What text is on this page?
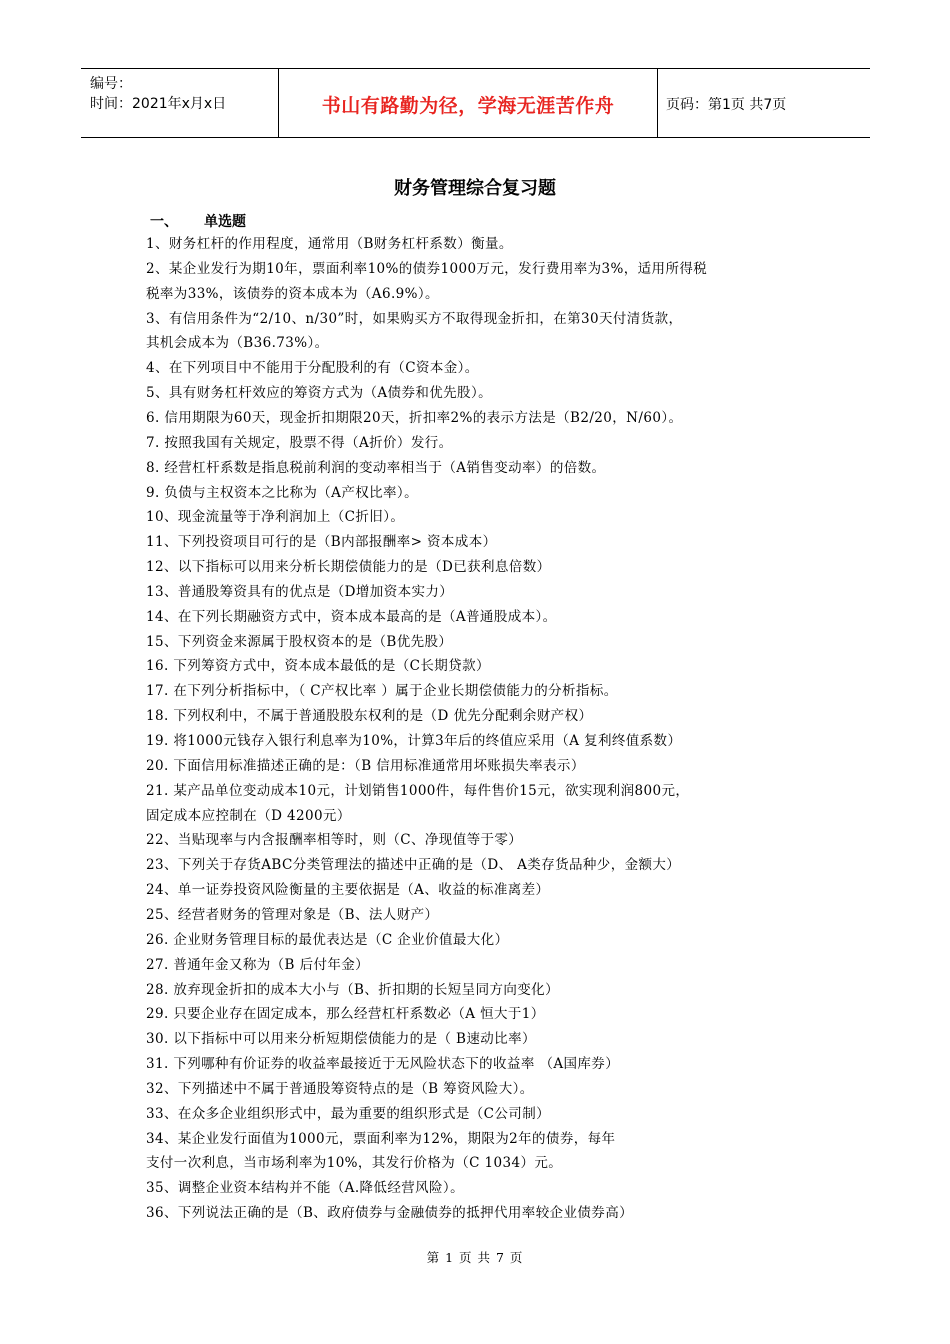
编号：
时间：2021年x月x日	书山有路勤为径，学海无涯苦作舟	页码：第1页 共7页
财务管理综合复习题
一、 单选题
1、财务杠杆的作用程度，通常用（B财务杠杆系数）衡量。
2、某企业发行为期10年，票面利率10%的债券1000万元，发行费用率为3%，适用所得税
税率为33%，该债券的资本成本为（A6.9%）。
3、有信用条件为“2/10、n/30”时，如果购买方不取得现金折扣，在第30天付清货款，
其机会成本为（B36.73%）。
4、在下列项目中不能用于分配股利的有（C资本金）。
5、具有财务杠杆效应的筹资方式为（A债券和优先股）。
6. 信用期限为60天，现金折扣期限20天，折扣率2%的表示方法是（B2/20，N/60）。
7. 按照我国有关规定，股票不得（A折价）发行。
8. 经营杠杆系数是指息税前利润的变动率相当于（A销售变动率）的倍数。
9. 负债与主权资本之比称为（A产权比率）。
10、现金流量等于净利润加上（C折旧）。
11、下列投资项目可行的是（B内部报酬率> 资本成本）
12、以下指标可以用来分析长期偿债能力的是（D已获利息倍数）
13、普通股筹资具有的优点是（D增加资本实力）
14、在下列长期融资方式中，资本成本最高的是（A普通股成本）。
15、下列资金来源属于股权资本的是（B优先股）
16. 下列筹资方式中，资本成本最低的是（C长期贷款）
17. 在下列分析指标中，（ C产权比率 ）属于企业长期偿债能力的分析指标。
18. 下列权利中，不属于普通股股东权利的是（D 优先分配剩余财产权）
19. 将1000元钱存入银行利息率为10%，计算3年后的终值应采用（A 复利终值系数）
20. 下面信用标准描述正确的是：（B 信用标准通常用坏账损失率表示）
21. 某产品单位变动成本10元，计划销售1000件，每件售价15元，欲实现利润800元，
固定成本应控制在（D 4200元）
22、当贴现率与内含报酬率相等时，则（C、净现值等于零）
23、下列关于存货ABC分类管理法的描述中正确的是（D、 A类存货品种少，金额大）
24、单一证券投资风险衡量的主要依据是（A、收益的标准离差）
25、经营者财务的管理对象是（B、法人财产）
26. 企业财务管理目标的最优表达是（C 企业价值最大化）
27. 普通年金又称为（B 后付年金）
28. 放弃现金折扣的成本大小与（B、折扣期的长短呈同方向变化）
29. 只要企业存在固定成本，那么经营杠杆系数必（A 恒大于1）
30. 以下指标中可以用来分析短期偿债能力的是（ B速动比率）
31. 下列哪种有价证券的收益率最接近于无风险状态下的收益率 （A国库券）
32、下列描述中不属于普通股筹资特点的是（B 筹资风险大）。
33、在众多企业组织形式中，最为重要的组织形式是（C公司制）
34、某企业发行面值为1000元，票面利率为12%，期限为2年的债券，每年
支付一次利息，当市场利率为10%，其发行价格为（C 1034）元。
35、调整企业资本结构并不能（A.降低经营风险）。
36、下列说法正确的是（B、政府债券与金融债券的抵押代用率较企业债券高）
第 1 页 共 7 页
